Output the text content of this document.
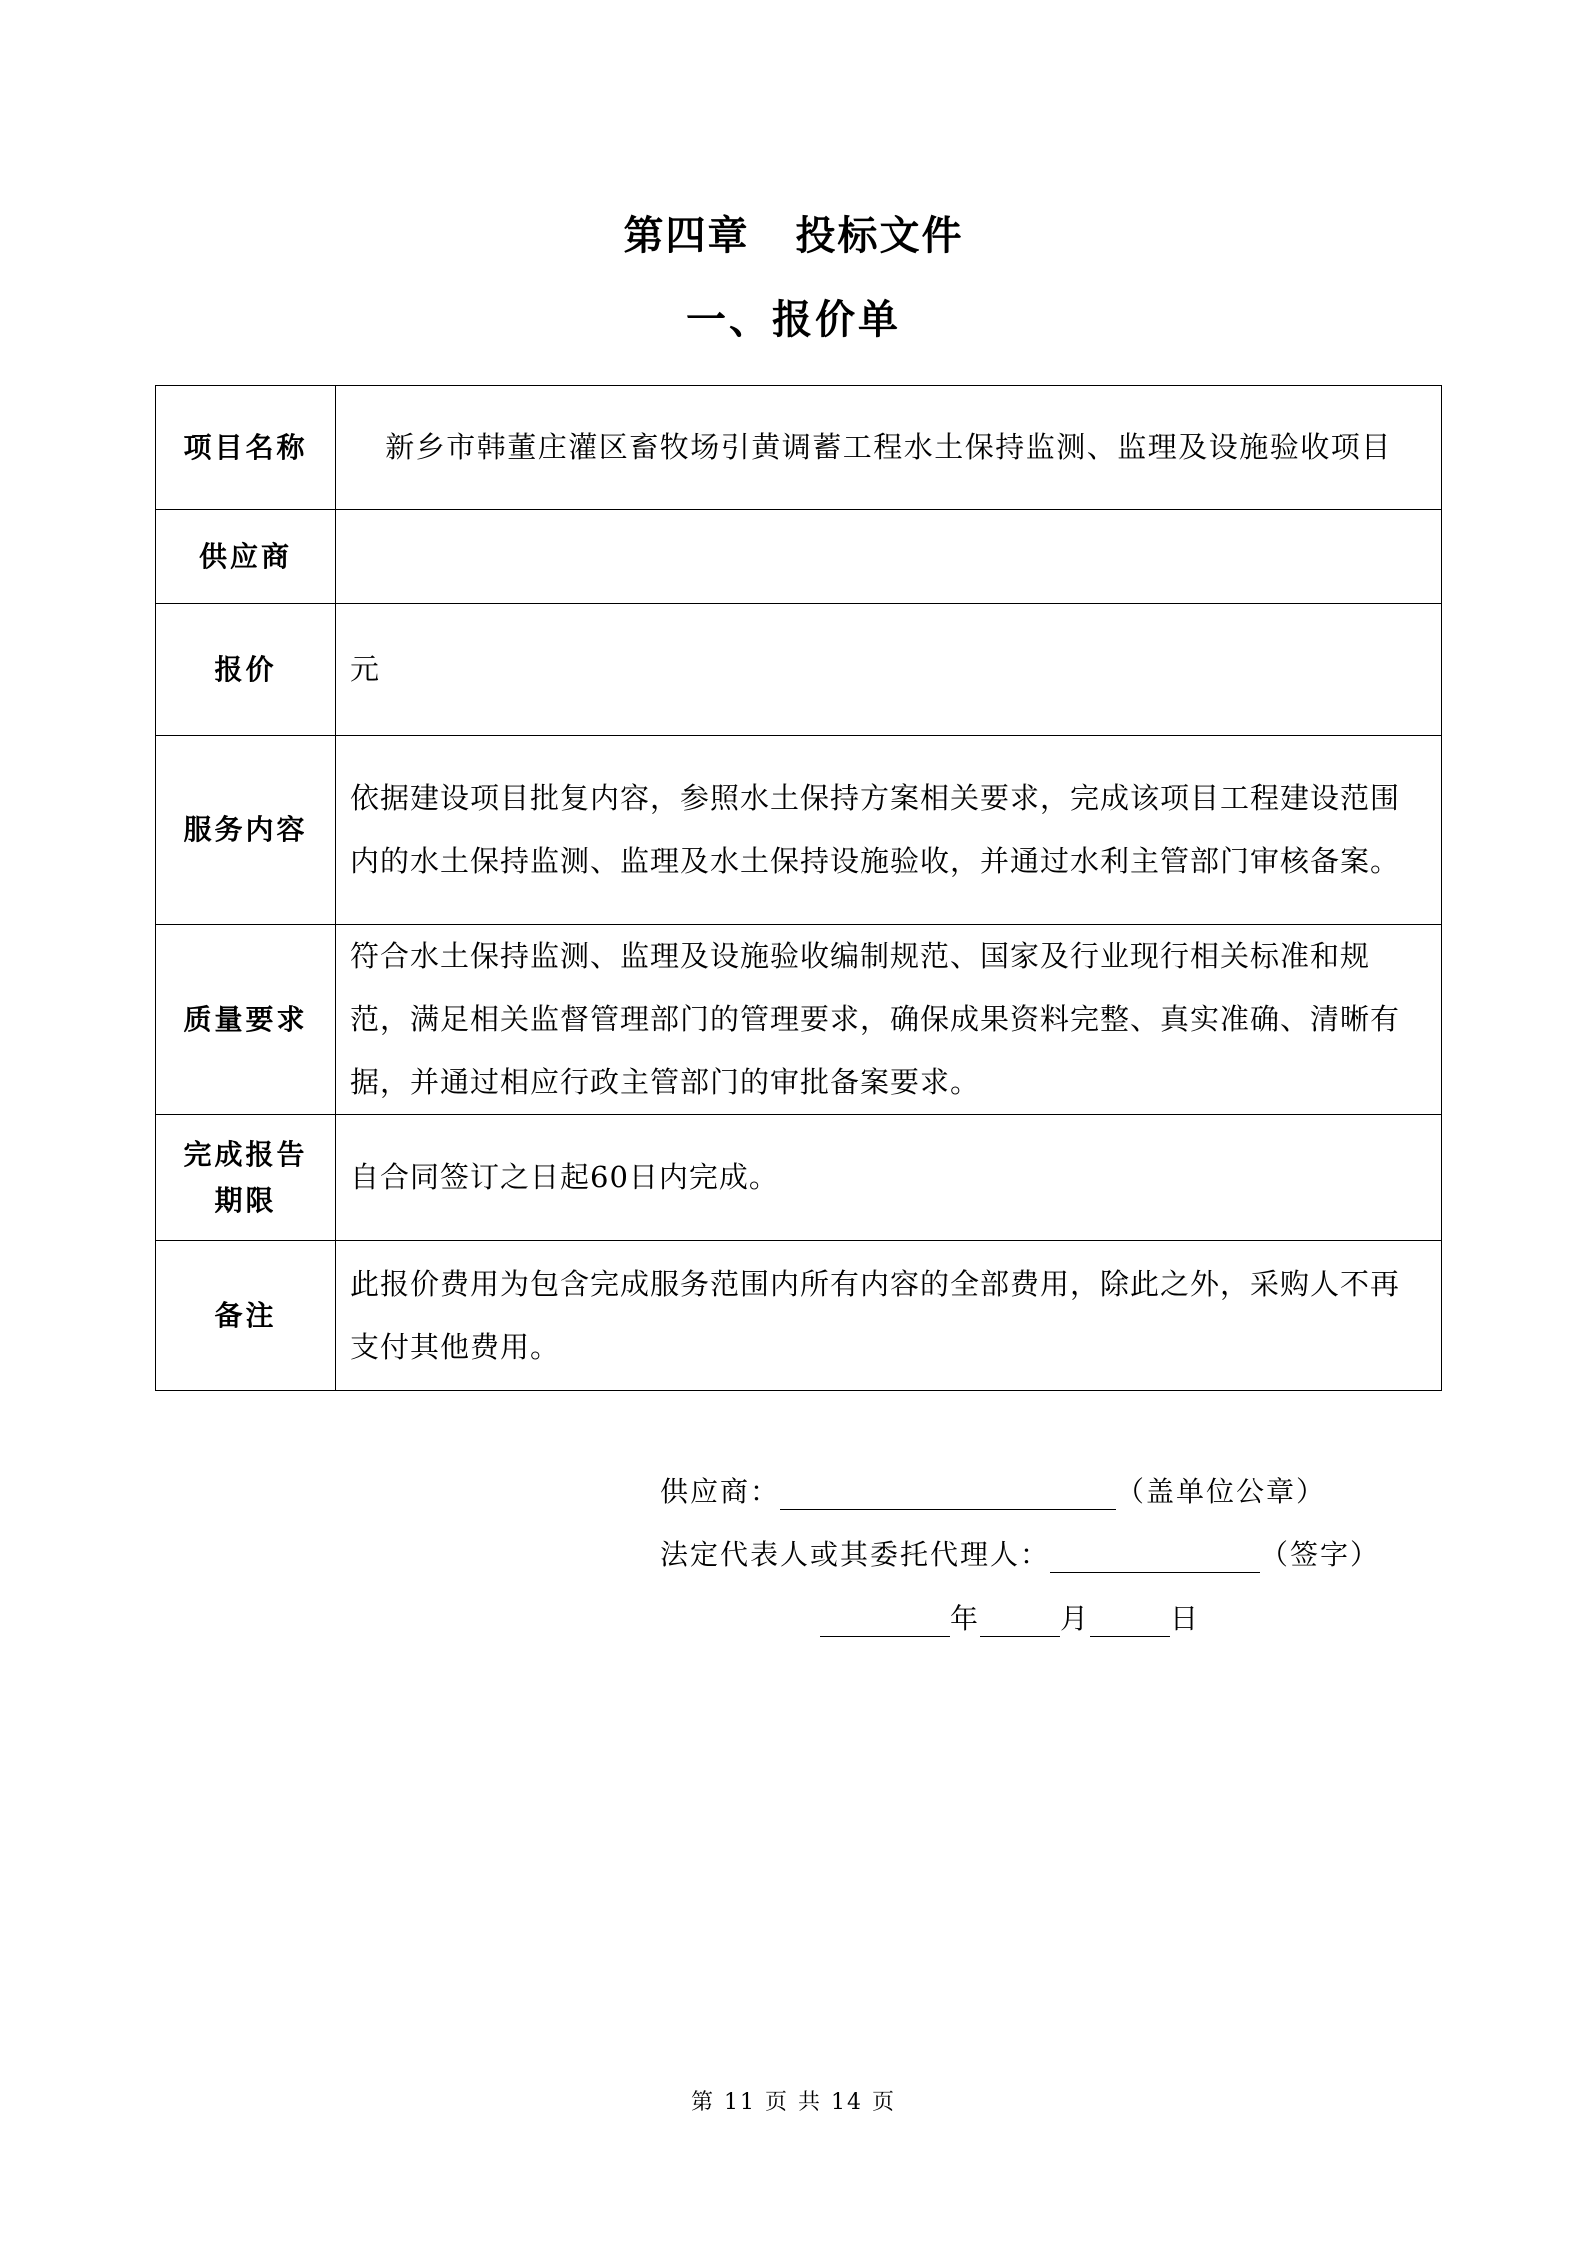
第四章 投标文件
一、报价单
项目名称	新乡市韩董庄灌区畜牧场引黄调蓄工程水土保持监测、监理及设施验收项目
供应商	
报价	元
服务内容	依据建设项目批复内容，参照水土保持方案相关要求，完成该项目工程建设范围内的水土保持监测、监理及水土保持设施验收，并通过水利主管部门审核备案。
质量要求	符合水土保持监测、监理及设施验收编制规范、国家及行业现行相关标准和规范，满足相关监督管理部门的管理要求，确保成果资料完整、真实准确、清晰有据，并通过相应行政主管部门的审批备案要求。

完成报告
期限	自合同签订之日起60日内完成。
备注	此报价费用为包含完成服务范围内所有内容的全部费用，除此之外，采购人不再支付其他费用。
供应商：	（盖单位公章）
法定代表人或其委托代理人：	（签字）
年	月	日
第 11 页 共 14 页
